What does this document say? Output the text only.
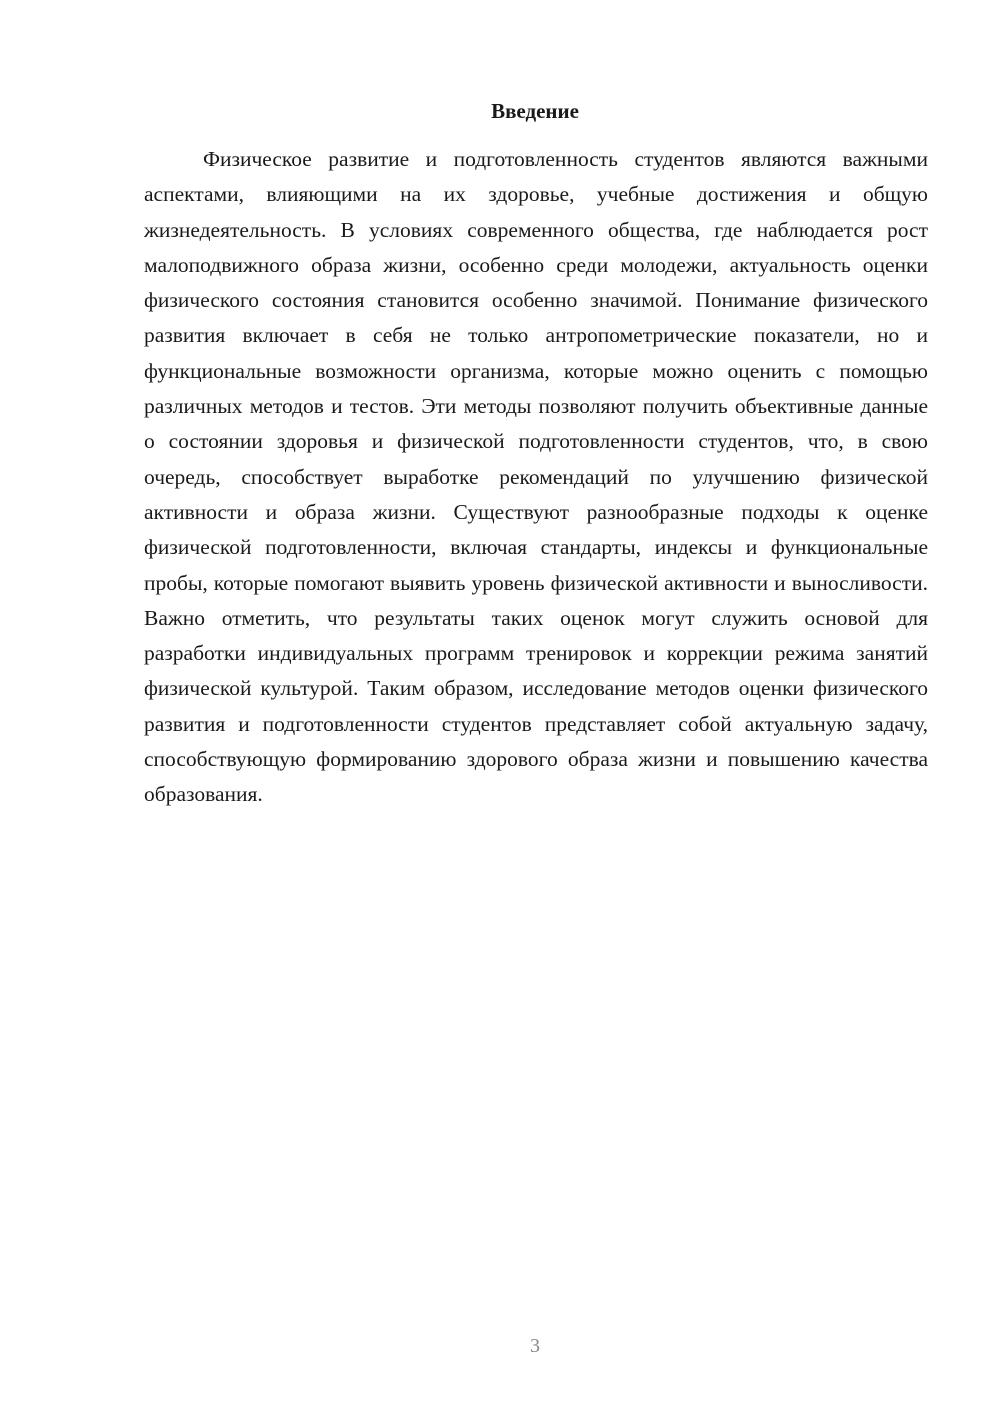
Введение

Физическое развитие и подготовленность студентов являются важными аспектами, влияющими на их здоровье, учебные достижения и общую жизнедеятельность. В условиях современного общества, где наблюдается рост малоподвижного образа жизни, особенно среди молодежи, актуальность оценки физического состояния становится особенно значимой. Понимание физического развития включает в себя не только антропометрические показатели, но и функциональные возможности организма, которые можно оценить с помощью различных методов и тестов. Эти методы позволяют получить объективные данные о состоянии здоровья и физической подготовленности студентов, что, в свою очередь, способствует выработке рекомендаций по улучшению физической активности и образа жизни. Существуют разнообразные подходы к оценке физической подготовленности, включая стандарты, индексы и функциональные пробы, которые помогают выявить уровень физической активности и выносливости. Важно отметить, что результаты таких оценок могут служить основой для разработки индивидуальных программ тренировок и коррекции режима занятий физической культурой. Таким образом, исследование методов оценки физического развития и подготовленности студентов представляет собой актуальную задачу, способствующую формированию здорового образа жизни и повышению качества образования.

3
